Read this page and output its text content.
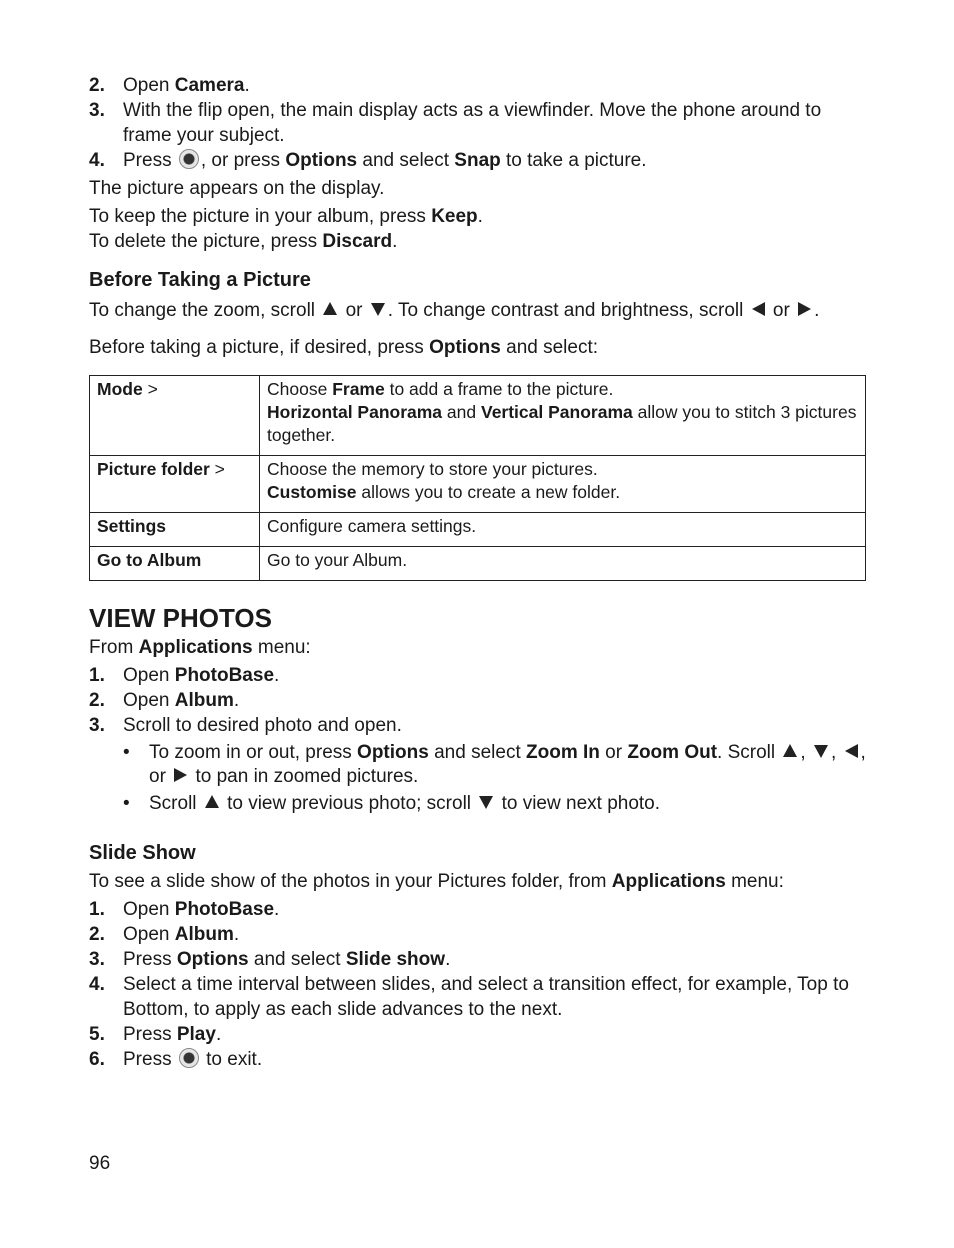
2. Open Camera.
3. With the flip open, the main display acts as a viewfinder. Move the phone around to frame your subject.
4. Press , or press Options and select Snap to take a picture.

The picture appears on the display.

To keep the picture in your album, press Keep.

To delete the picture, press Discard.

Before Taking a Picture

To change the zoom, scroll  or . To change contrast and brightness, scroll  or .

Before taking a picture, if desired, press Options and select:

Mode >	Choose Frame to add a frame to the picture.
Horizontal Panorama and Vertical Panorama allow you to stitch 3 pictures together.

Picture folder >	Choose the memory to store your pictures.
Customise allows you to create a new folder.

Settings	Configure camera settings.

Go to Album	Go to your Album.
VIEW PHOTOS

From Applications menu:

1. Open PhotoBase.
2. Open Album.
3. Scroll to desired photo and open.
• To zoom in or out, press Options and select Zoom In or Zoom Out. Scroll , , , or  to pan in zoomed pictures.
• Scroll  to view previous photo; scroll  to view next photo.
Slide Show

To see a slide show of the photos in your Pictures folder, from Applications menu:

1. Open PhotoBase.
2. Open Album.
3. Press Options and select Slide show.
4. Select a time interval between slides, and select a transition effect, for example, Top to Bottom, to apply as each slide advances to the next.
5. Press Play.
6. Press  to exit.
96
